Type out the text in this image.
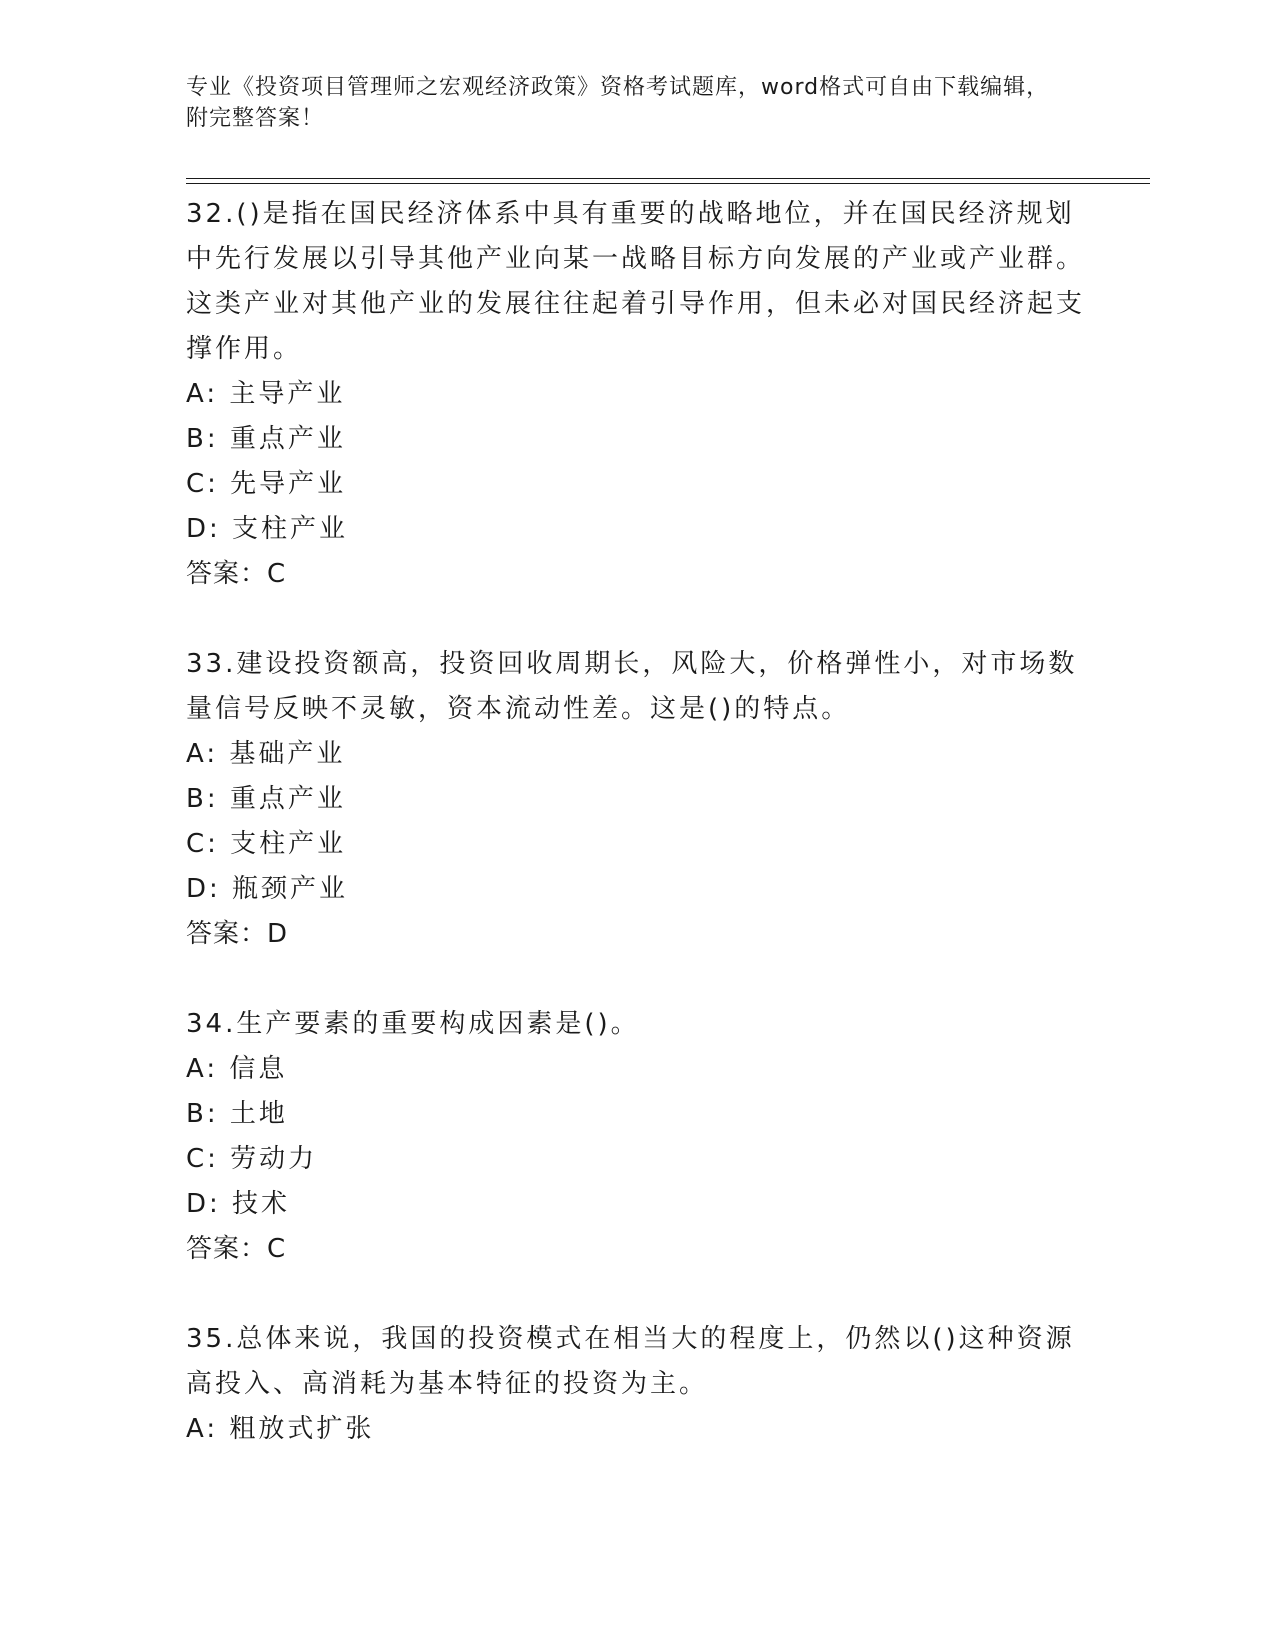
专业《投资项目管理师之宏观经济政策》资格考试题库，word格式可自由下载编辑，附完整答案！

32.()是指在国民经济体系中具有重要的战略地位，并在国民经济规划中先行发展以引导其他产业向某一战略目标方向发展的产业或产业群。这类产业对其他产业的发展往往起着引导作用，但未必对国民经济起支撑作用。

A: 主导产业

B: 重点产业

C: 先导产业

D: 支柱产业

答案：C

33.建设投资额高，投资回收周期长，风险大，价格弹性小，对市场数量信号反映不灵敏，资本流动性差。这是()的特点。

A: 基础产业

B: 重点产业

C: 支柱产业

D: 瓶颈产业

答案：D

34.生产要素的重要构成因素是()。

A: 信息

B: 土地

C: 劳动力

D: 技术

答案：C

35.总体来说，我国的投资模式在相当大的程度上，仍然以()这种资源高投入、高消耗为基本特征的投资为主。

A: 粗放式扩张
